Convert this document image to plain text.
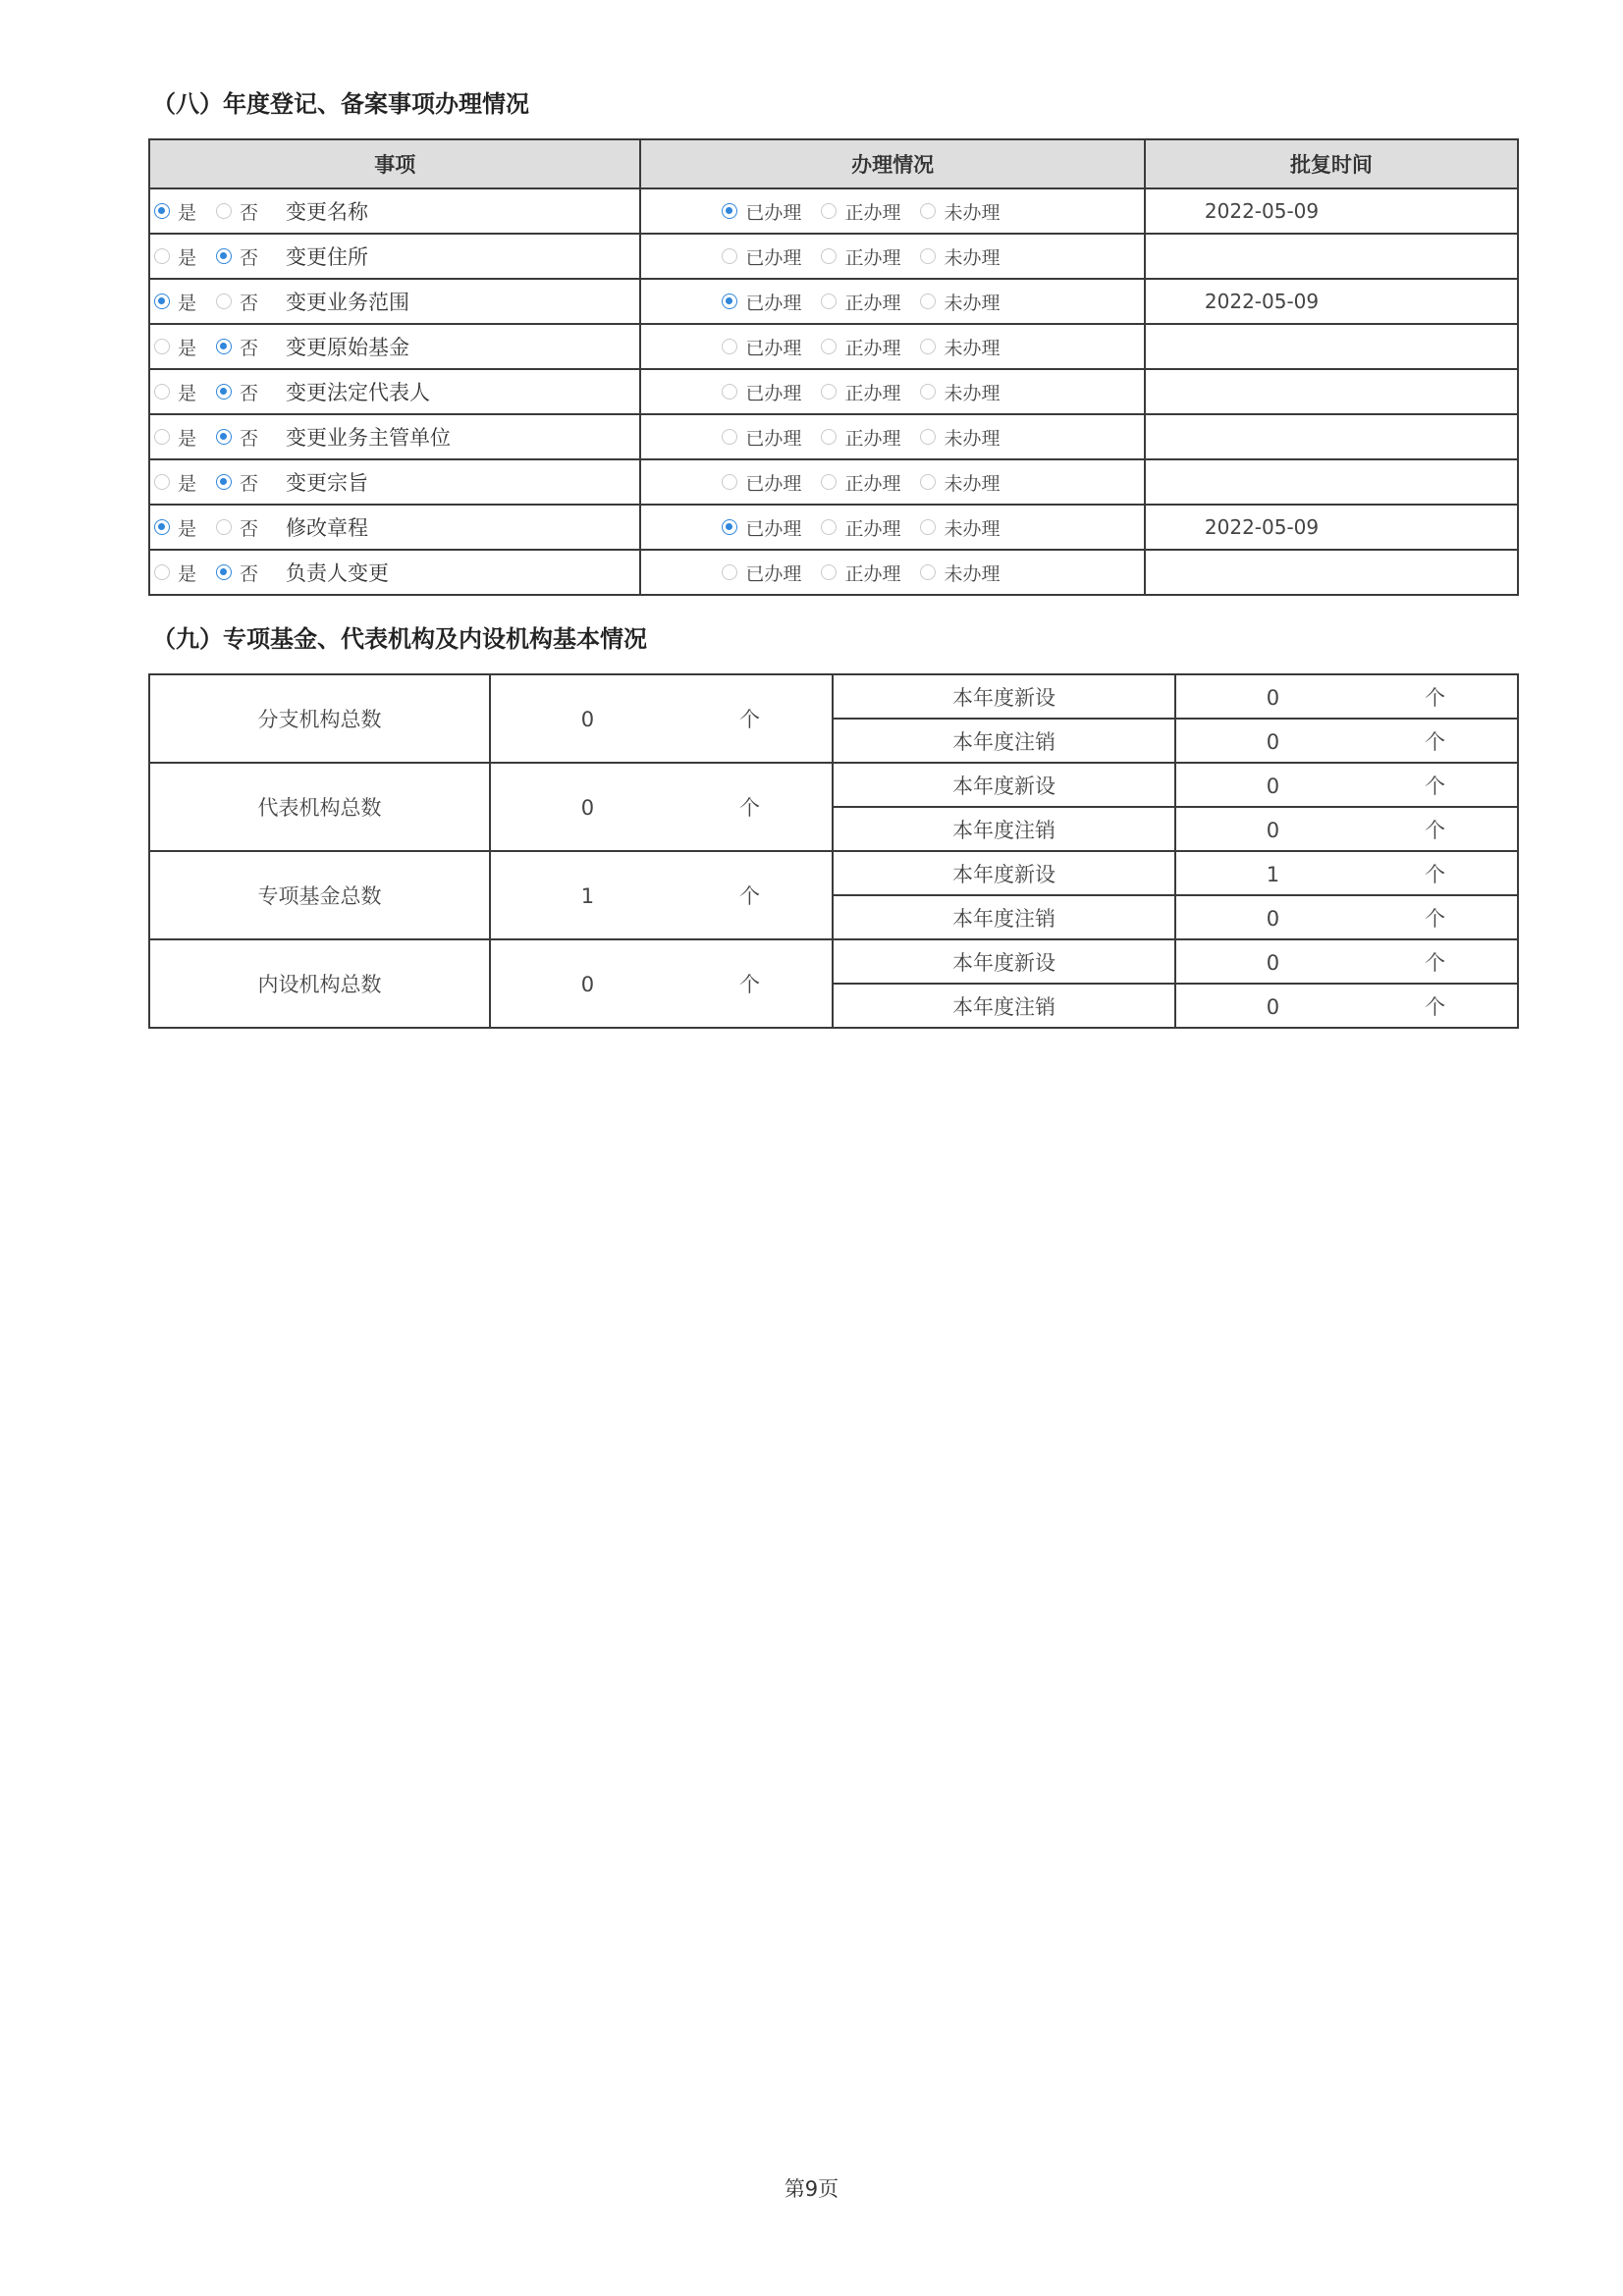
（八）年度登记、备案事项办理情况
事项	办理情况	批复时间
是 否 变更名称	已办理 正办理 未办理	2022-05-09
是 否 变更住所	已办理 正办理 未办理	
是 否 变更业务范围	已办理 正办理 未办理	2022-05-09
是 否 变更原始基金	已办理 正办理 未办理	
是 否 变更法定代表人	已办理 正办理 未办理	
是 否 变更业务主管单位	已办理 正办理 未办理	
是 否 变更宗旨	已办理 正办理 未办理	
是 否 修改章程	已办理 正办理 未办理	2022-05-09
是 否 负责人变更	已办理 正办理 未办理	
（九）专项基金、代表机构及内设机构基本情况
分支机构总数	0 个	本年度新设	0 个
		本年度注销	0 个
代表机构总数	0 个	本年度新设	0 个
		本年度注销	0 个
专项基金总数	1 个	本年度新设	1 个
		本年度注销	0 个
内设机构总数	0 个	本年度新设	0 个
		本年度注销	0 个
第9页
